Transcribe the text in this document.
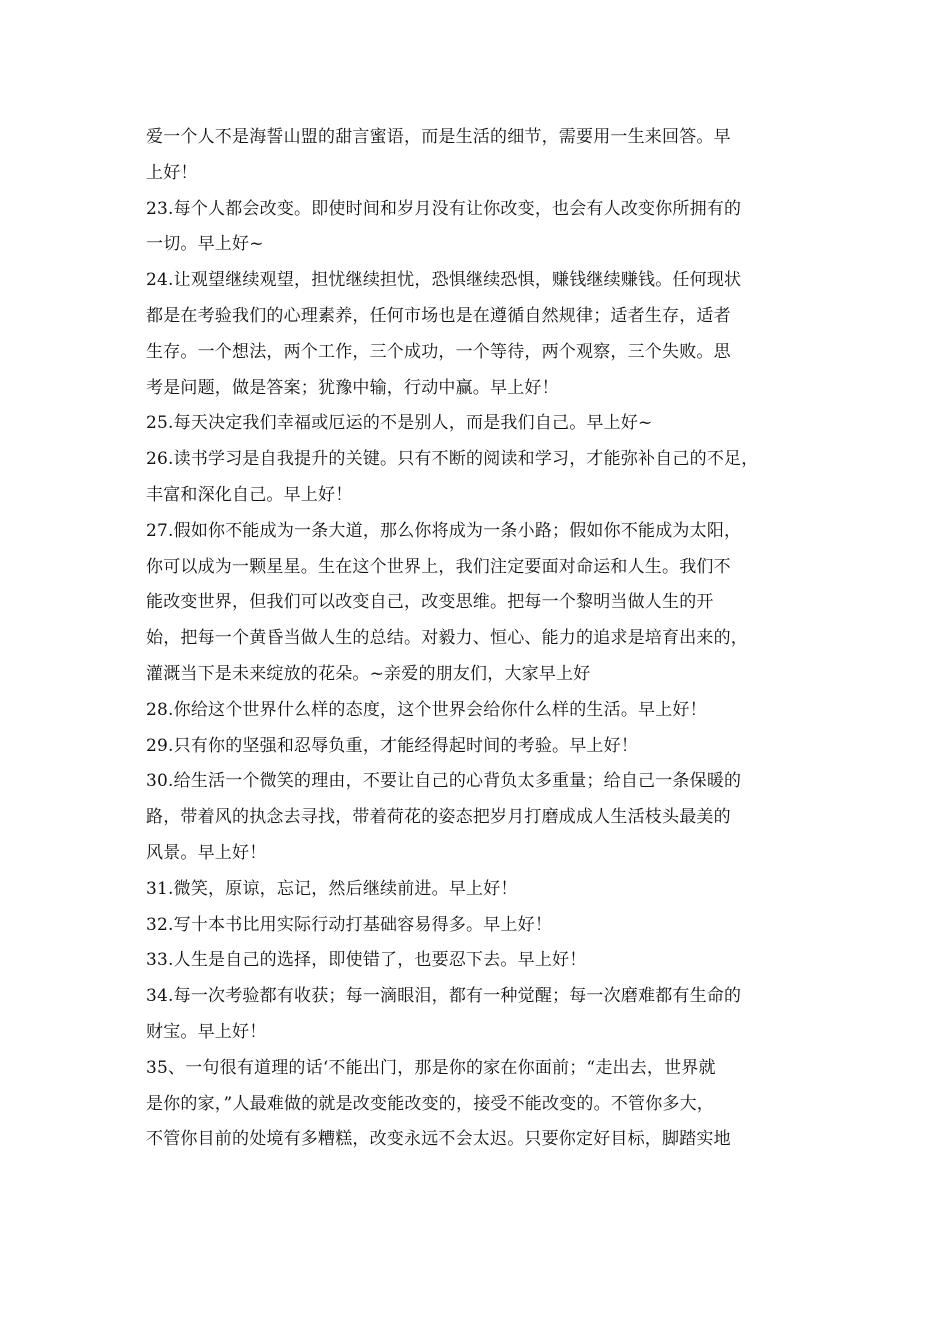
爱一个人不是海誓山盟的甜言蜜语，而是生活的细节，需要用一生来回答。早
上好！
23.每个人都会改变。即使时间和岁月没有让你改变，也会有人改变你所拥有的
一切。早上好~
24.让观望继续观望，担忧继续担忧，恐惧继续恐惧，赚钱继续赚钱。任何现状
都是在考验我们的心理素养，任何市场也是在遵循自然规律；适者生存，适者
生存。一个想法，两个工作，三个成功，一个等待，两个观察，三个失败。思
考是问题，做是答案；犹豫中输，行动中赢。早上好！
25.每天决定我们幸福或厄运的不是别人，而是我们自己。早上好~
26.读书学习是自我提升的关键。只有不断的阅读和学习，才能弥补自己的不足，
丰富和深化自己。早上好！
27.假如你不能成为一条大道，那么你将成为一条小路；假如你不能成为太阳，
你可以成为一颗星星。生在这个世界上，我们注定要面对命运和人生。我们不
能改变世界，但我们可以改变自己，改变思维。把每一个黎明当做人生的开
始，把每一个黄昏当做人生的总结。对毅力、恒心、能力的追求是培育出来的，
灌溉当下是未来绽放的花朵。~亲爱的朋友们，大家早上好
28.你给这个世界什么样的态度，这个世界会给你什么样的生活。早上好！
29.只有你的坚强和忍辱负重，才能经得起时间的考验。早上好！
30.给生活一个微笑的理由，不要让自己的心背负太多重量；给自己一条保暖的
路，带着风的执念去寻找，带着荷花的姿态把岁月打磨成成人生活枝头最美的
风景。早上好！
31.微笑，原谅，忘记，然后继续前进。早上好！
32.写十本书比用实际行动打基础容易得多。早上好！
33.人生是自己的选择，即使错了，也要忍下去。早上好！
34.每一次考验都有收获；每一滴眼泪，都有一种觉醒；每一次磨难都有生命的
财宝。早上好！
35、一句很有道理的话‘不能出门，那是你的家在你面前；“走出去，世界就
是你的家，”人最难做的就是改变能改变的，接受不能改变的。不管你多大，
不管你目前的处境有多糟糕，改变永远不会太迟。只要你定好目标，脚踏实地
